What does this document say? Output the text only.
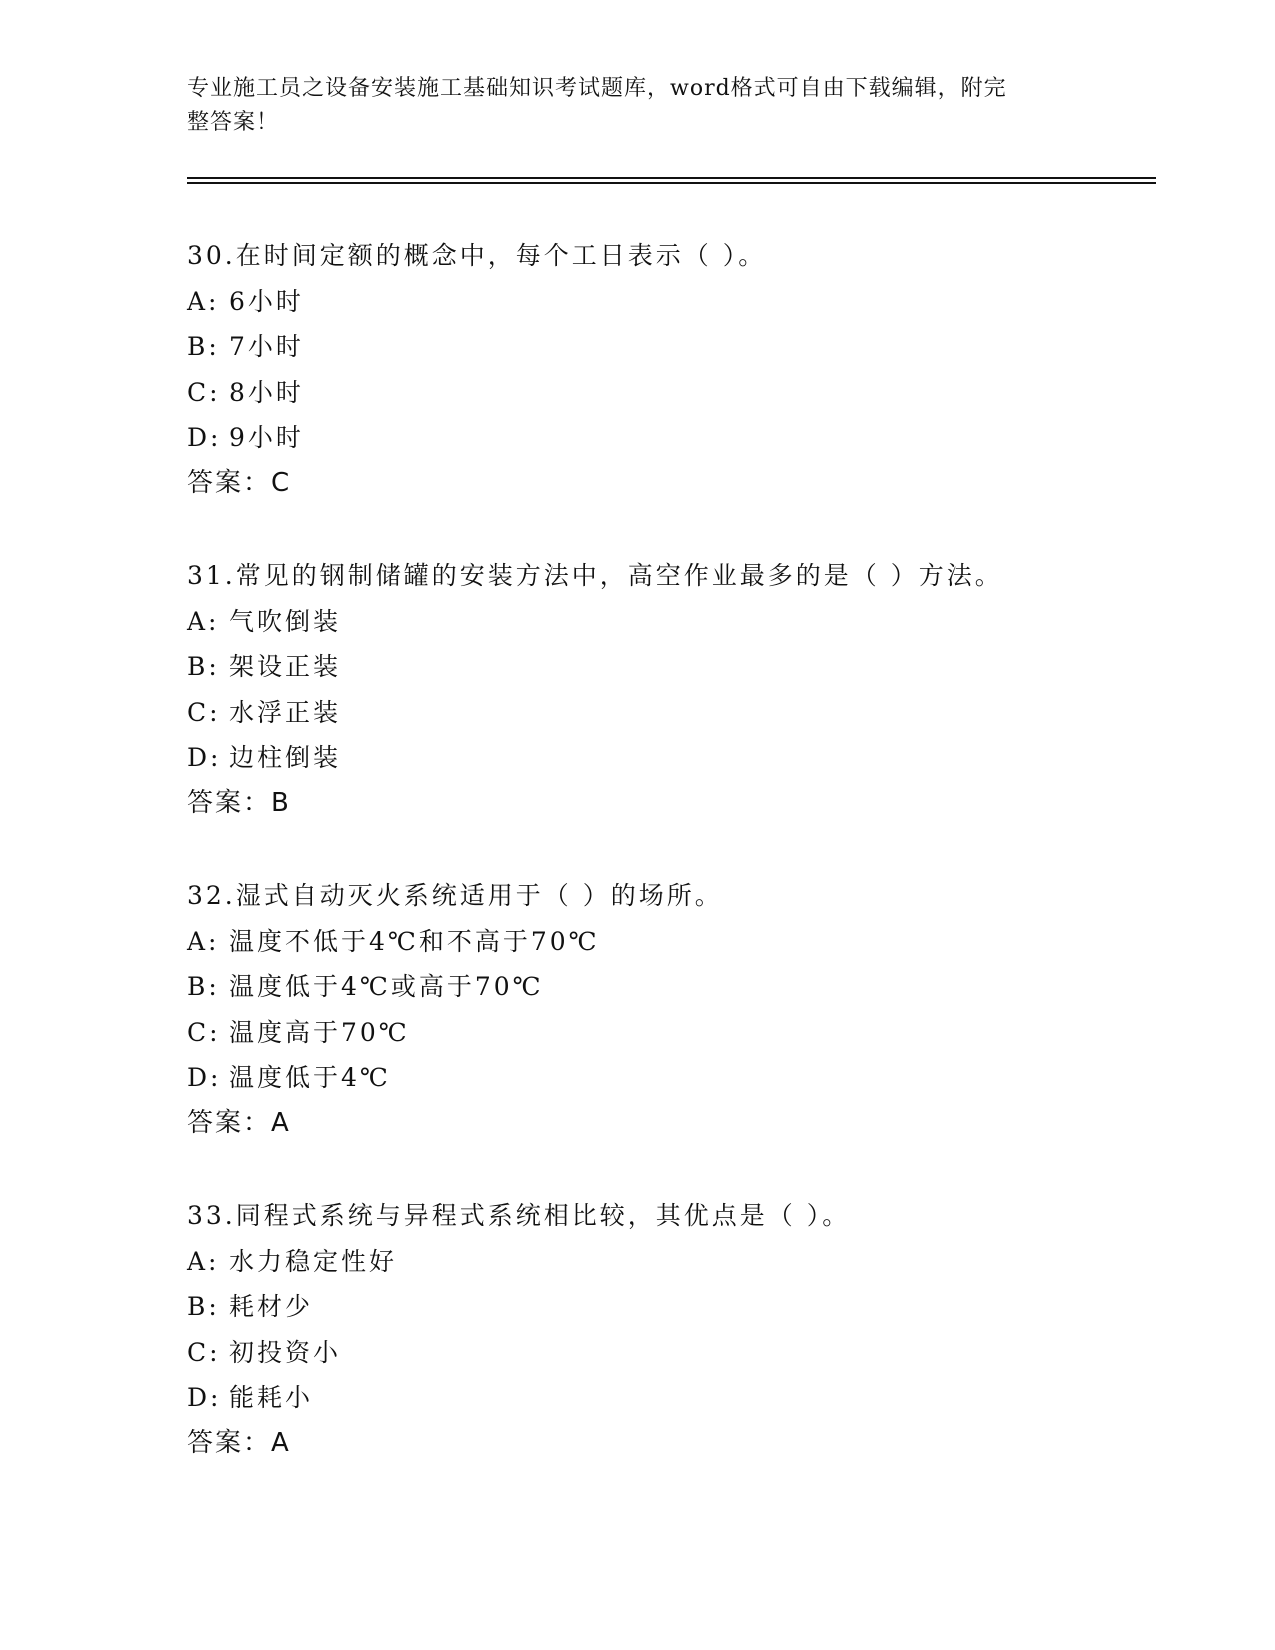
专业施工员之设备安装施工基础知识考试题库，word格式可自由下载编辑，附完
整答案！
30.在时间定额的概念中，每个工日表示（ ）。
A: 6小时
B: 7小时
C: 8小时
D: 9小时
答案：C
31.常见的钢制储罐的安装方法中，高空作业最多的是（ ）方法。
A: 气吹倒装
B: 架设正装
C: 水浮正装
D: 边柱倒装
答案：B
32.湿式自动灭火系统适用于（ ）的场所。
A: 温度不低于4℃和不高于70℃
B: 温度低于4℃或高于70℃
C: 温度高于70℃
D: 温度低于4℃
答案：A
33.同程式系统与异程式系统相比较，其优点是（ ）。
A: 水力稳定性好
B: 耗材少
C: 初投资小
D: 能耗小
答案：A
